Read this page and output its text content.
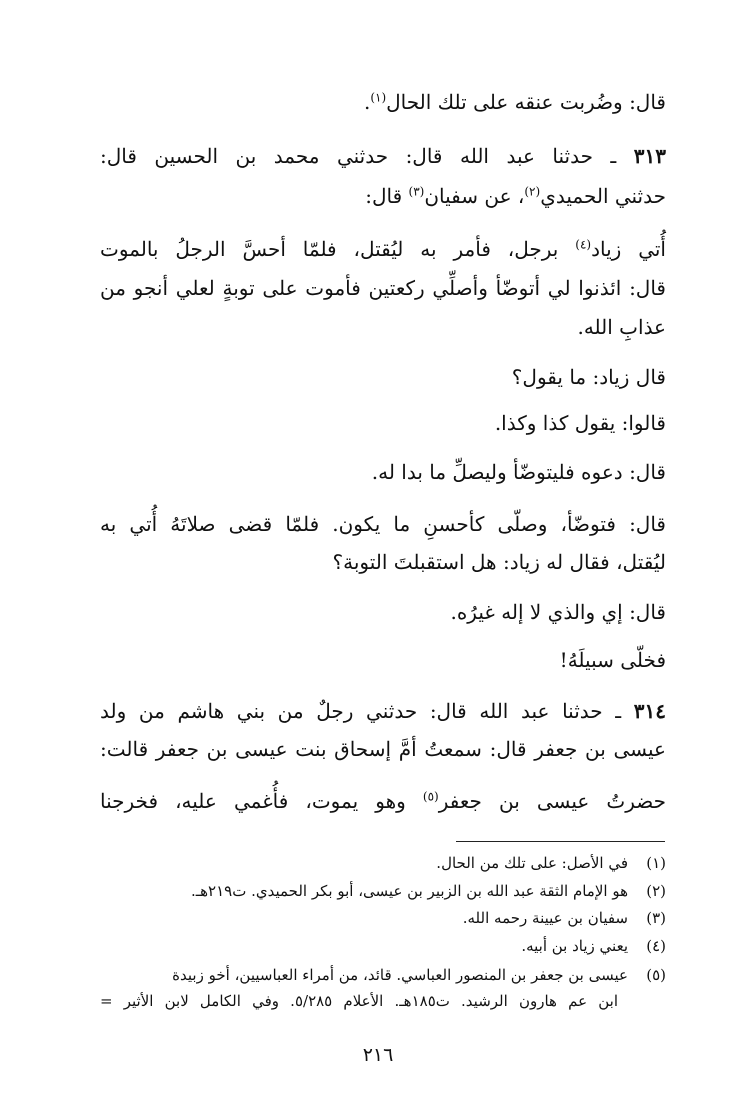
قال: وضُربت عنقه على تلك الحال$^{(١)}$.
٣١٣ ـ حدثنا عبد الله قال: حدثني محمد بن الحسين قال:
حدثني الحميدي$^{(٢)}$، عن سفيان$^{(٣)}$ قال:
أُتي زياد$^{(٤)}$ برجل، فأمر به ليُقتل، فلمّا أحسَّ الرجلُ بالموت
قال: ائذنوا لي أتوضّأ وأصلِّي ركعتين فأموت على توبةٍ لعلي أنجو من
عذابِ الله.
قال زياد: ما يقول؟
قالوا: يقول كذا وكذا.
قال: دعوه فليتوضّأ وليصلِّ ما بدا له.
قال: فتوضّأ، وصلّى كأحسنِ ما يكون. فلمّا قضى صلاتَهُ أُتي به
ليُقتل، فقال له زياد: هل استقبلتَ التوبة؟
قال: إي والذي لا إله غيرُه.
فخلّى سبيلَهُ!
٣١٤ ـ حدثنا عبد الله قال: حدثني رجلٌ من بني هاشم من ولد
عيسى بن جعفر قال: سمعتُ أمَّ إسحاق بنت عيسى بن جعفر قالت:
حضرتُ عيسى بن جعفر$^{(٥)}$ وهو يموت، فأُغمي عليه، فخرجنا
(١)في الأصل: على تلك من الحال.
(٢)هو الإمام الثقة عبد الله بن الزبير بن عيسى، أبو بكر الحميدي. ت٢١٩هـ.
(٣)سفيان بن عيينة رحمه الله.
(٤)يعني زياد بن أبيه.
(٥)عيسى بن جعفر بن المنصور العباسي. قائد، من أمراء العباسيين، أخو زبيدة
ابن عم هارون الرشيد. ت١٨٥هـ. الأعلام ٥/٢٨٥. وفي الكامل لابن الأثير =
٢١٦
